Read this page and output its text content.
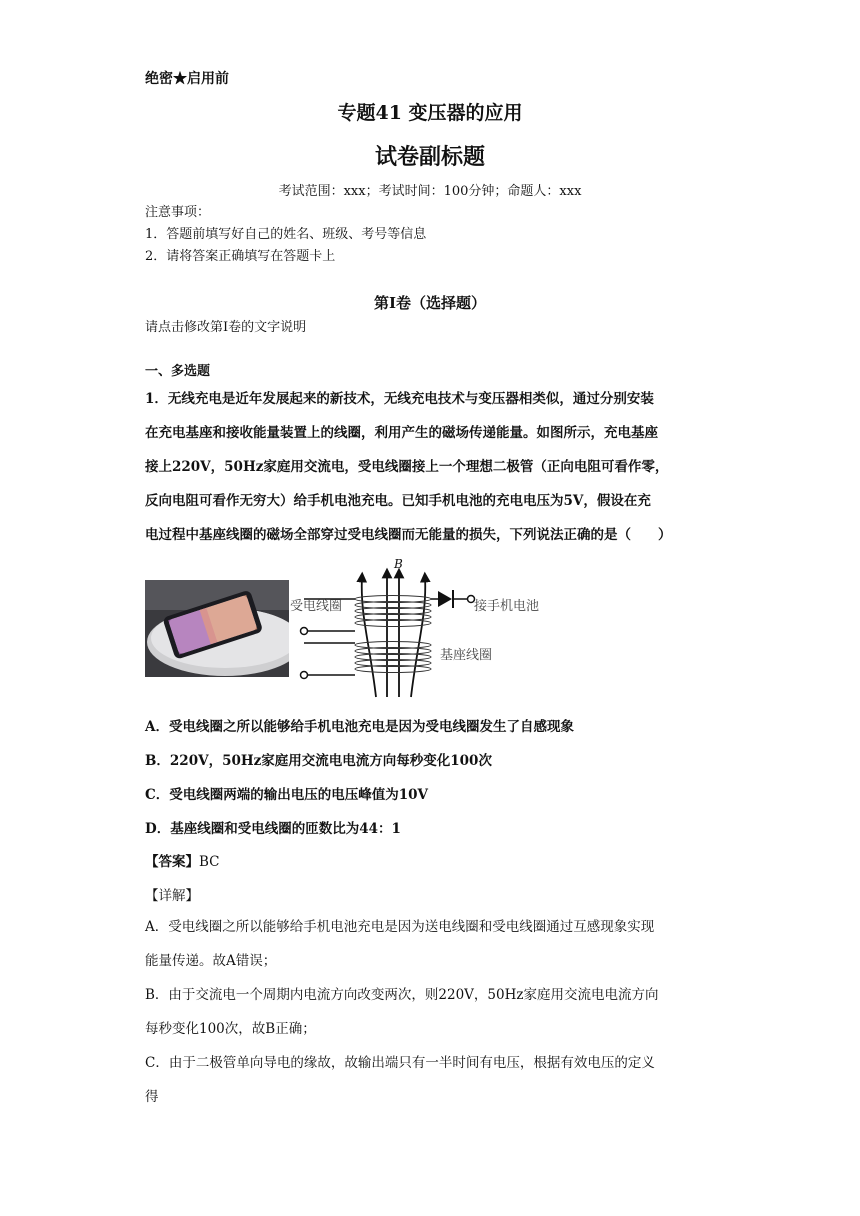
绝密★启用前
专题41 变压器的应用
试卷副标题
考试范围：xxx；考试时间：100分钟；命题人：xxx
注意事项：
1．答题前填写好自己的姓名、班级、考号等信息
2．请将答案正确填写在答题卡上
第I卷（选择题）
请点击修改第I卷的文字说明
一、多选题
1．无线充电是近年发展起来的新技术，无线充电技术与变压器相类似，通过分别安装
在充电基座和接收能量装置上的线圈，利用产生的磁场传递能量。如图所示，充电基座
接上220V，50Hz家庭用交流电，受电线圈接上一个理想二极管（正向电阻可看作零，
反向电阻可看作无穷大）给手机电池充电。已知手机电池的充电电压为5V，假设在充
电过程中基座线圈的磁场全部穿过受电线圈而无能量的损失，下列说法正确的是（　　）
B
受电线圈	接手机电池
基座线圈
A．受电线圈之所以能够给手机电池充电是因为受电线圈发生了自感现象
B．220V，50Hz家庭用交流电电流方向每秒变化100次
C．受电线圈两端的输出电压的电压峰值为10V
D．基座线圈和受电线圈的匝数比为44：1
【答案】BC
【详解】
A．受电线圈之所以能够给手机电池充电是因为送电线圈和受电线圈通过互感现象实现
能量传递。故A错误；
B．由于交流电一个周期内电流方向改变两次，则220V，50Hz家庭用交流电电流方向
每秒变化100次，故B正确；
C．由于二极管单向导电的缘故，故输出端只有一半时间有电压，根据有效电压的定义
得
